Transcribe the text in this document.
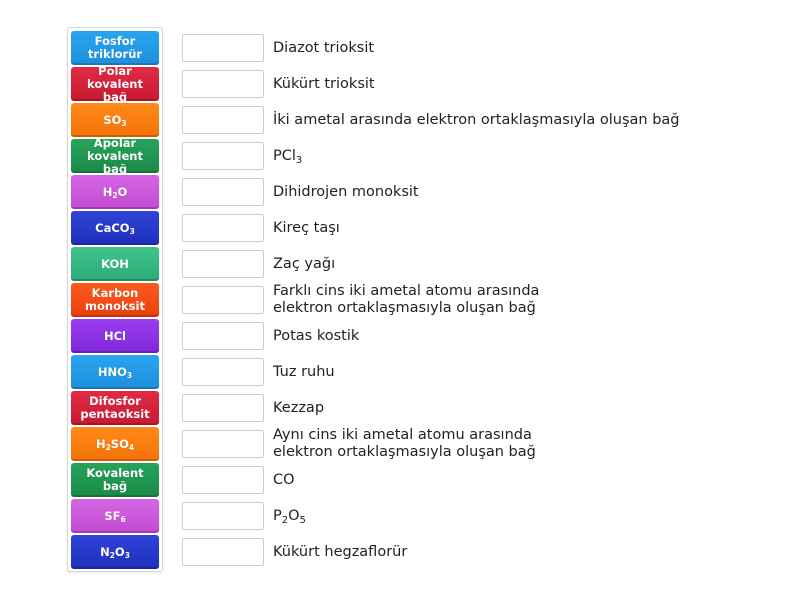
Fosfor
triklorür
Polar
kovalent bağ
$SO_3$
Apolar
kovalent bağ
$H_2O$
CaCO$_3$
KOH
Karbon
monoksit
HCl
$HNO_3$
Difosfor
pentaoksit
$H_2SO_4$
Kovalent bağ
$SF_6$
$N_2O_3$
Diazot trioksit
Kükürt trioksit
İki ametal arasında elektron ortaklaşmasıyla oluşan bağ
PCl$_3$
Dihidrojen monoksit
Kireç taşı
Zaç yağı
Farklı cins iki ametal atomu arasında
elektron ortaklaşmasıyla oluşan bağ
Potas kostik
Tuz ruhu
Kezzap
Aynı cins iki ametal atomu arasında
elektron ortaklaşmasıyla oluşan bağ
CO
$P_2O_5$
Kükürt hegzaflorür
